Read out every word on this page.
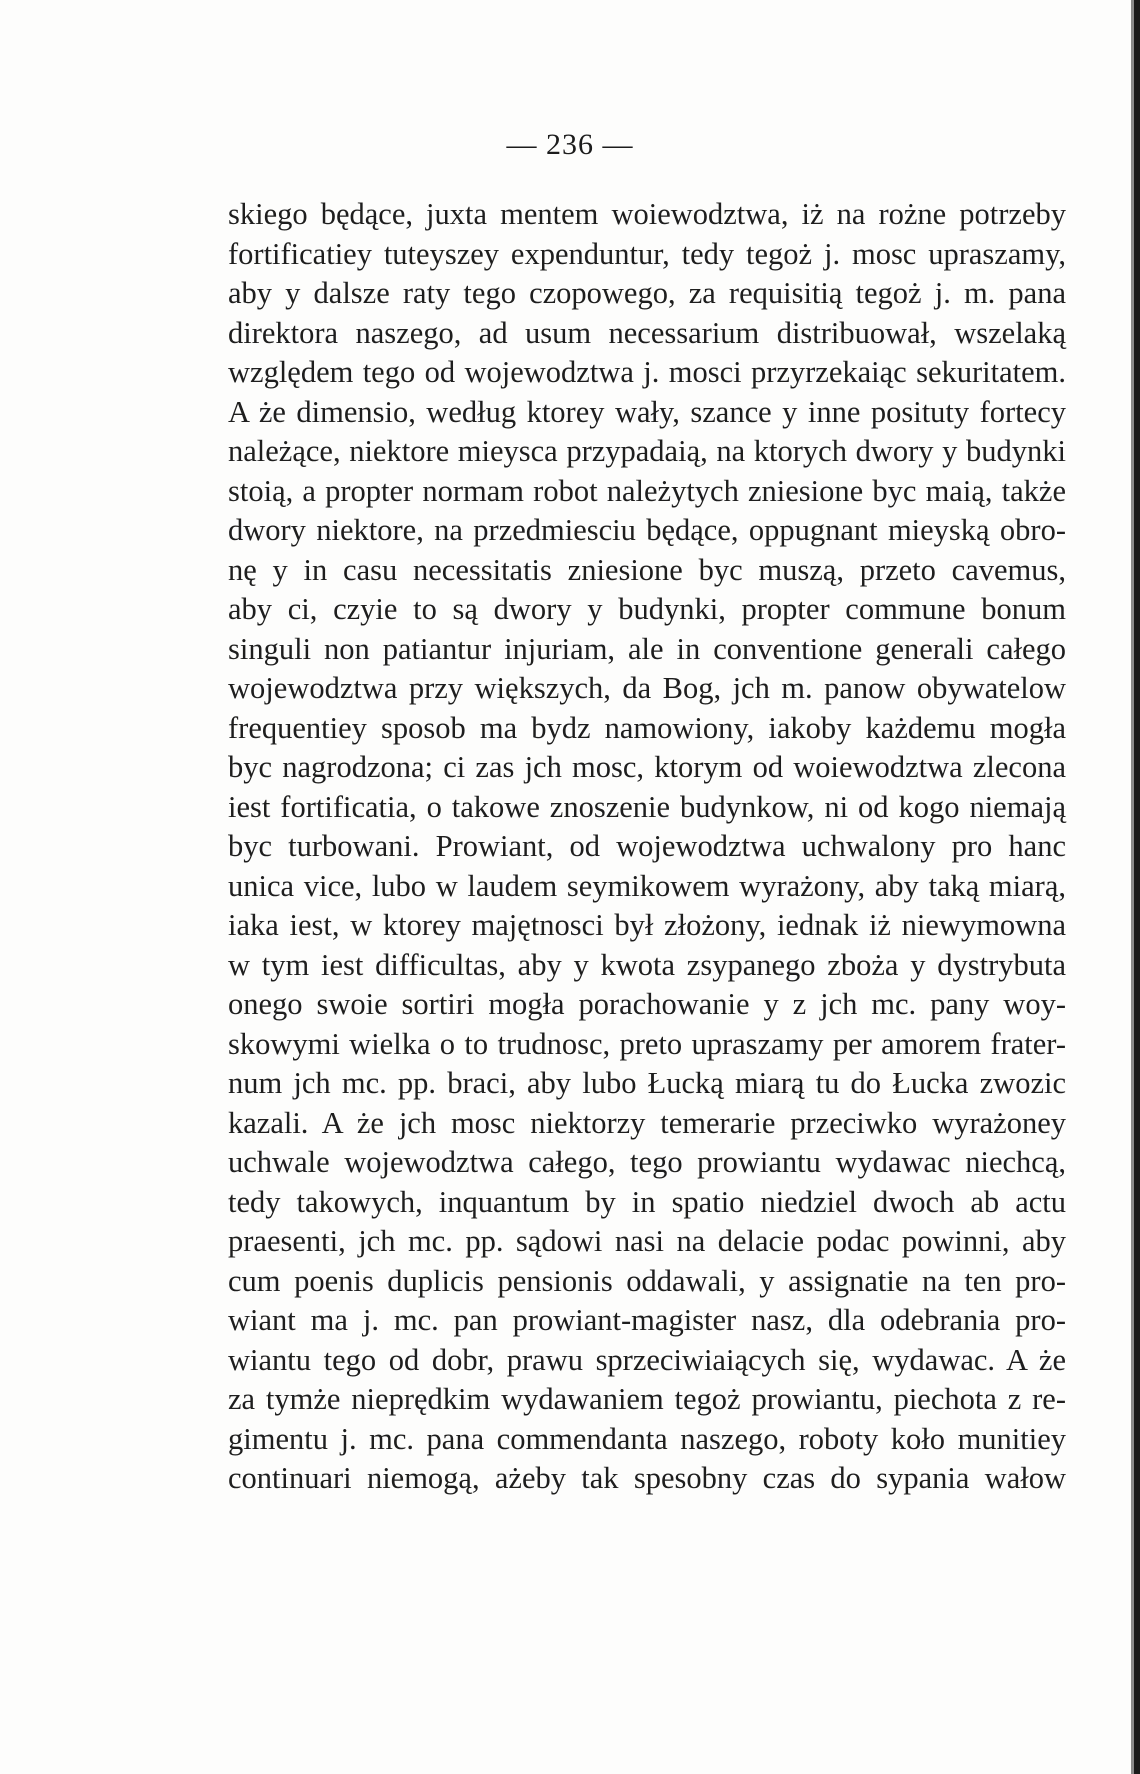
— 236 —
skiego będące, juxta mentem woiewodztwa, iż na rożne potrzeby
fortificatiey tuteyszey expenduntur, tedy tegoż j. mosc upraszamy,
aby y dalsze raty tego czopowego, za requisitią tegoż j. m. pana
direktora naszego, ad usum necessarium distribuował, wszelaką
względem tego od wojewodztwa j. mosci przyrzekaiąc sekuritatem.
A że dimensio, według ktorey wały, szance y inne posituty fortecy
należące, niektore mieysca przypadaią, na ktorych dwory y budynki
stoią, a propter normam robot należytych zniesione byc maią, także
dwory niektore, na przedmiesciu będące, oppugnant mieyską obro-
nę y in casu necessitatis zniesione byc muszą, przeto cavemus,
aby ci, czyie to są dwory y budynki, propter commune bonum
singuli non patiantur injuriam, ale in conventione generali całego
wojewodztwa przy większych, da Bog, jch m. panow obywatelow
frequentiey sposob ma bydz namowiony, iakoby każdemu mogła
byc nagrodzona; ci zas jch mosc, ktorym od woiewodztwa zlecona
iest fortificatia, o takowe znoszenie budynkow, ni od kogo niemają
byc turbowani. Prowiant, od wojewodztwa uchwalony pro hanc
unica vice, lubo w laudem seymikowem wyrażony, aby taką miarą,
iaka iest, w ktorey majętnosci był złożony, iednak iż niewymowna
w tym iest difficultas, aby y kwota zsypanego zboża y dystrybuta
onego swoie sortiri mogła porachowanie y z jch mc. pany woy-
skowymi wielka o to trudnosc, preto upraszamy per amorem frater-
num jch mc. pp. braci, aby lubo Łucką miarą tu do Łucka zwozic
kazali. A że jch mosc niektorzy temerarie przeciwko wyrażoney
uchwale wojewodztwa całego, tego prowiantu wydawac niechcą,
tedy takowych, inquantum by in spatio niedziel dwoch ab actu
praesenti, jch mc. pp. sądowi nasi na delacie podac powinni, aby
cum poenis duplicis pensionis oddawali, y assignatie na ten pro-
wiant ma j. mc. pan prowiant-magister nasz, dla odebrania pro-
wiantu tego od dobr, prawu sprzeciwiaiących się, wydawac. A że
za tymże nieprędkim wydawaniem tegoż prowiantu, piechota z re-
gimentu j. mc. pana commendanta naszego, roboty koło munitiey
continuari niemogą, ażeby tak spesobny czas do sypania wałow
